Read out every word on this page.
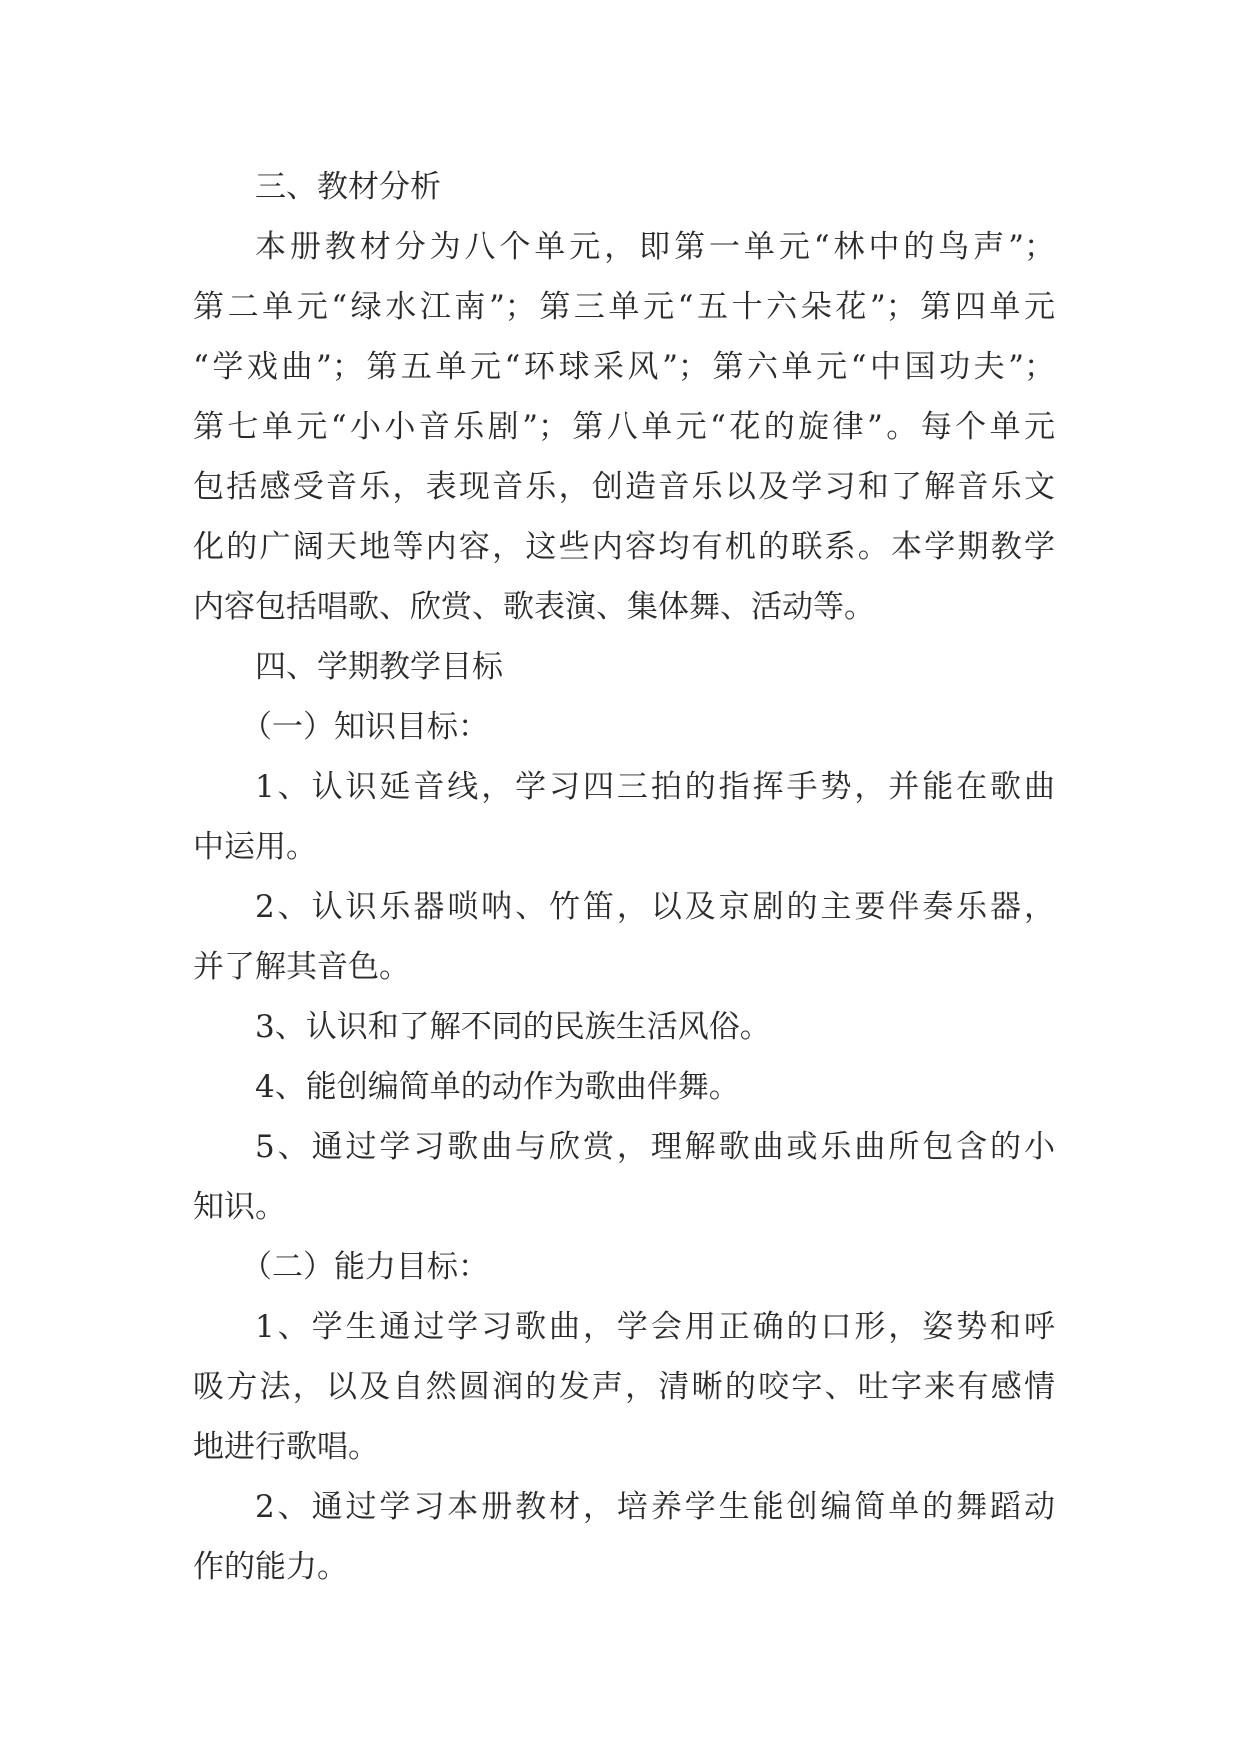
三、教材分析
本册教材分为八个单元，即第一单元“林中的鸟声”；
第二单元“绿水江南”；第三单元“五十六朵花”；第四单元
“学戏曲”；第五单元“环球采风”；第六单元“中国功夫”；
第七单元“小小音乐剧”；第八单元“花的旋律”。每个单元
包括感受音乐，表现音乐，创造音乐以及学习和了解音乐文
化的广阔天地等内容，这些内容均有机的联系。本学期教学
内容包括唱歌、欣赏、歌表演、集体舞、活动等。
四、学期教学目标
（一）知识目标：
1、认识延音线，学习四三拍的指挥手势，并能在歌曲
中运用。
2、认识乐器唢呐、竹笛，以及京剧的主要伴奏乐器，
并了解其音色。
3、认识和了解不同的民族生活风俗。
4、能创编简单的动作为歌曲伴舞。
5、通过学习歌曲与欣赏，理解歌曲或乐曲所包含的小
知识。
（二）能力目标：
1、学生通过学习歌曲，学会用正确的口形，姿势和呼
吸方法，以及自然圆润的发声，清晰的咬字、吐字来有感情
地进行歌唱。
2、通过学习本册教材，培养学生能创编简单的舞蹈动
作的能力。
